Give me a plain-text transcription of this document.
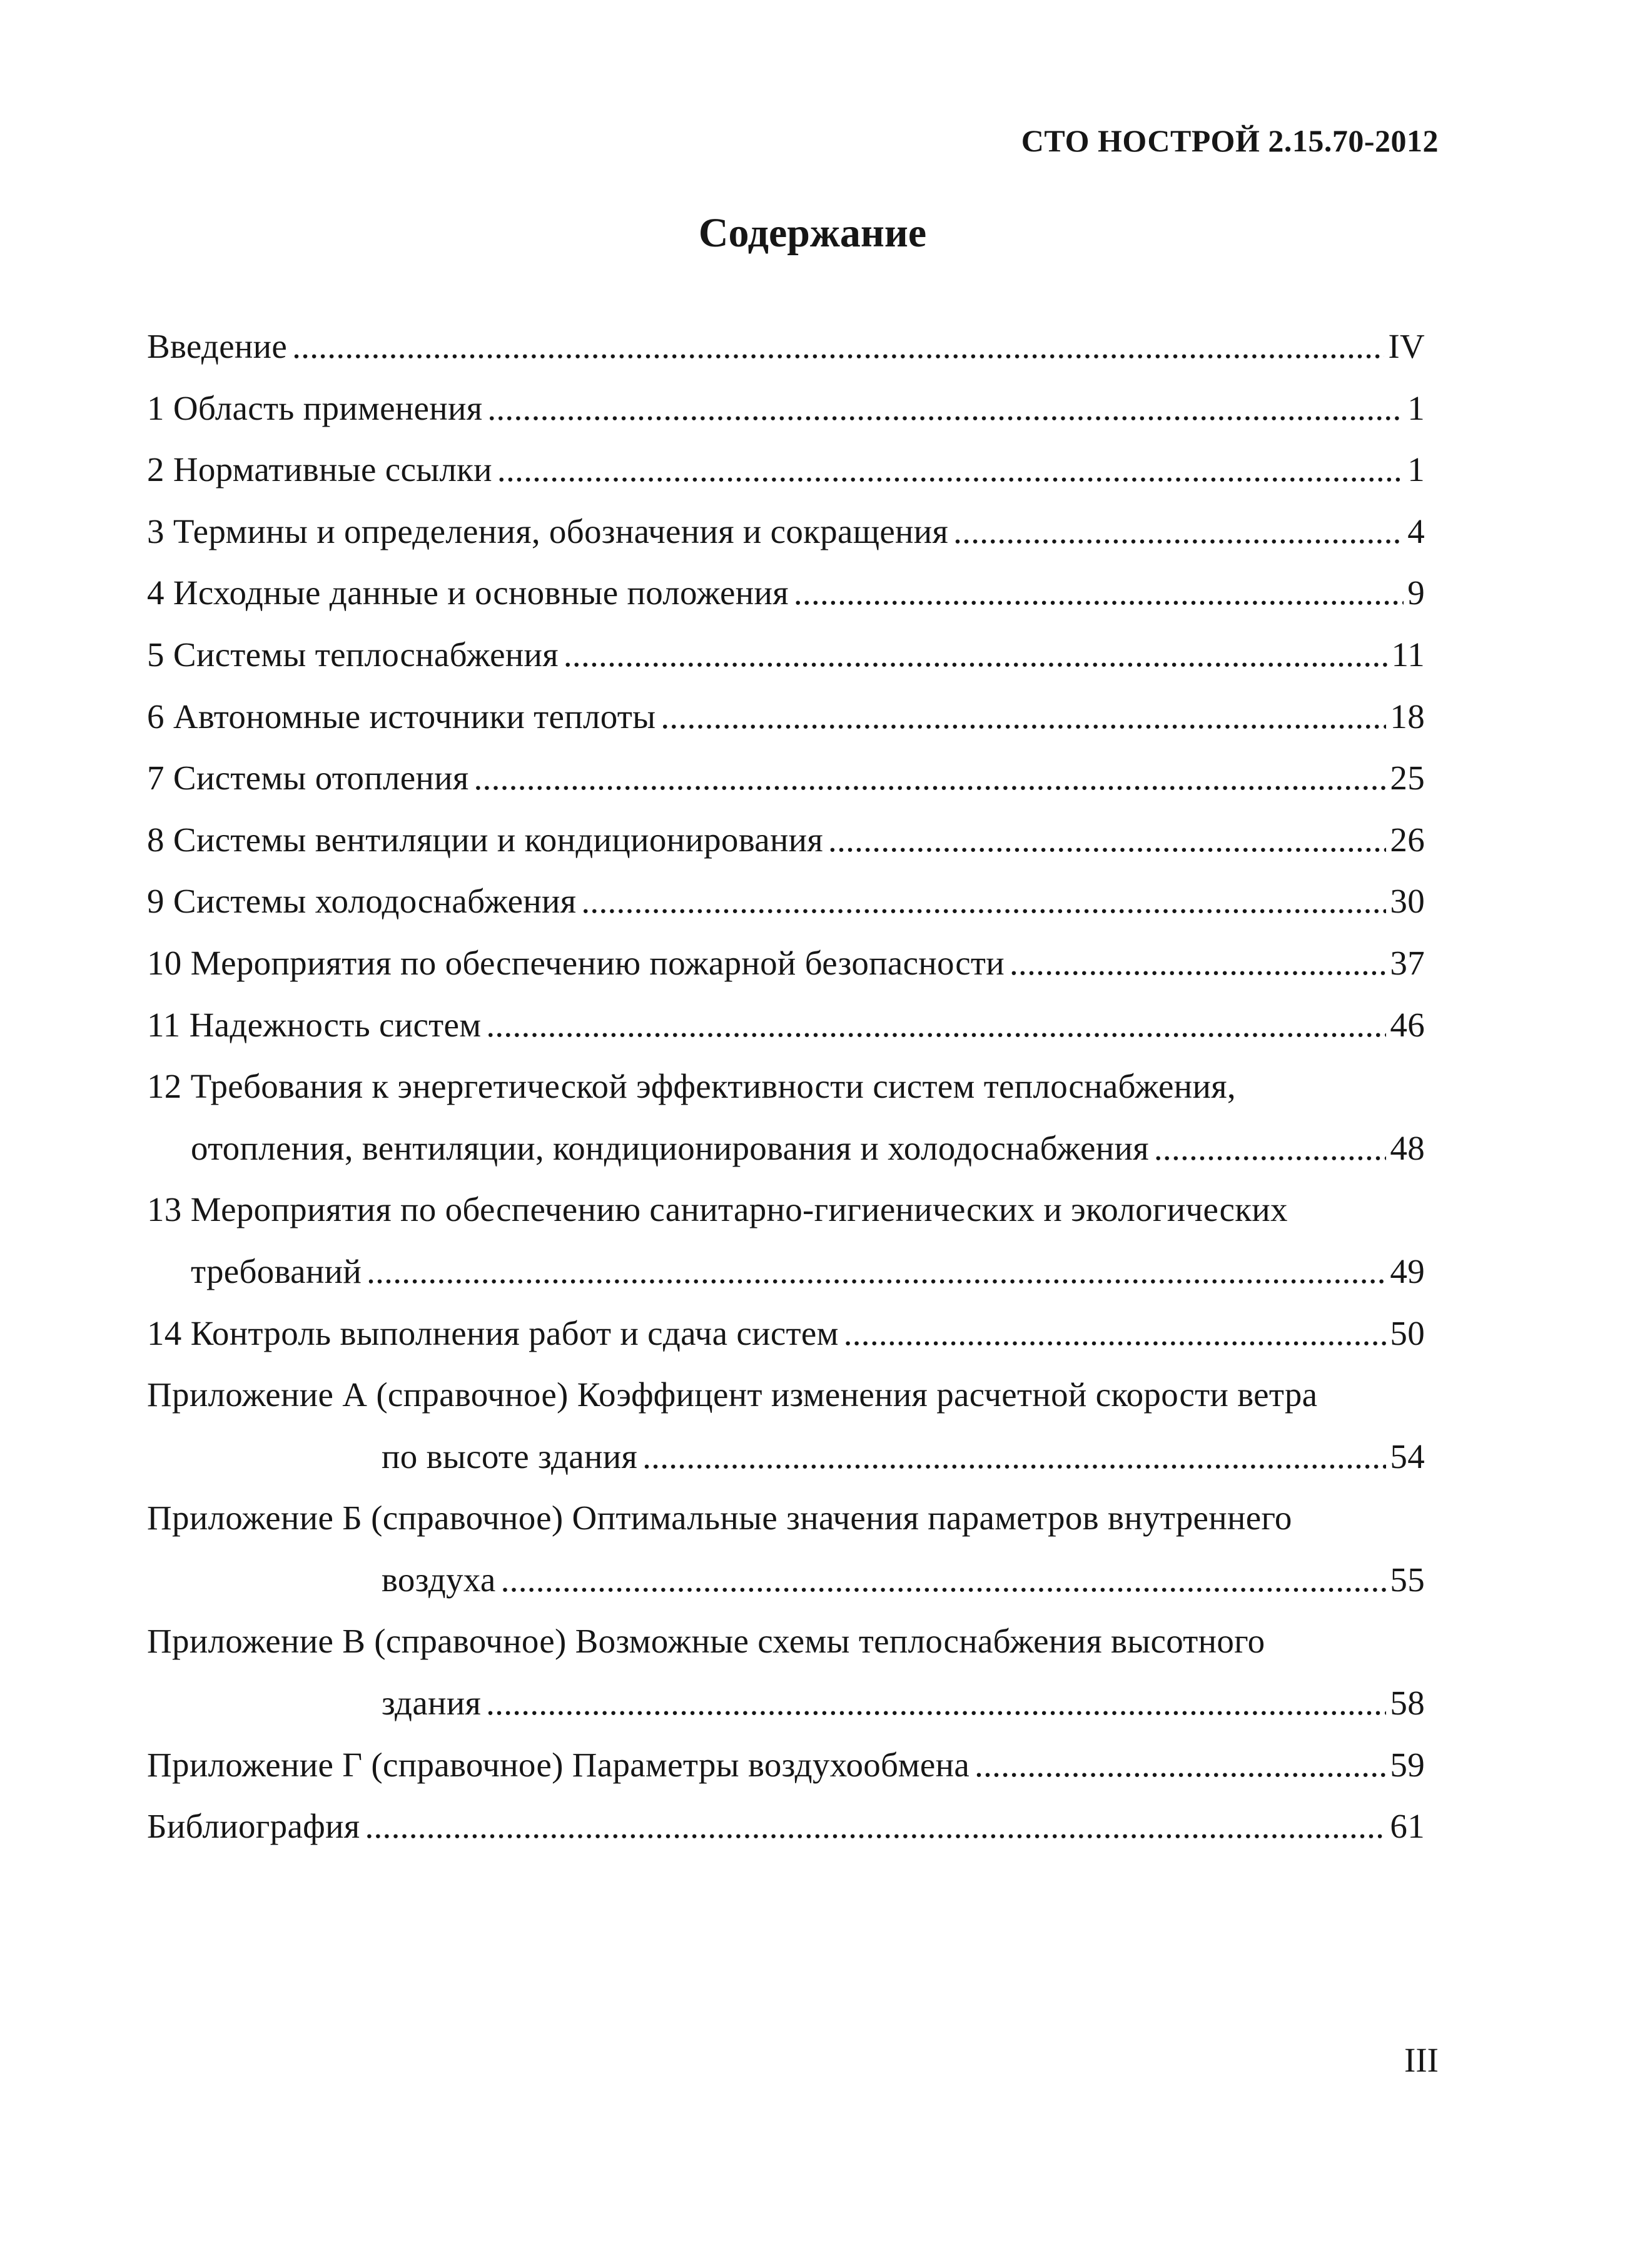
СТО НОСТРОЙ 2.15.70-2012
Содержание
Введение .....	IV
1 Область применения .....	1
2 Нормативные ссылки .....	1
3 Термины и определения, обозначения и сокращения .....	4
4 Исходные данные и основные положения .....	9
5 Системы теплоснабжения .....	11
6 Автономные источники теплоты .....	18
7 Системы отопления .....	25
8 Системы вентиляции и кондиционирования .....	26
9 Системы холодоснабжения .....	30
10 Мероприятия по обеспечению пожарной безопасности .....	37
11 Надежность систем .....	46
12 Требования к энергетической эффективности систем теплоснабжения,
отопления, вентиляции, кондиционирования и холодоснабжения .....	48
13 Мероприятия по обеспечению санитарно-гигиенических и экологических
требований .....	49
14 Контроль выполнения работ и сдача систем .....	50
Приложение А (справочное) Коэффицент изменения расчетной скорости ветра
по высоте здания .....	54
Приложение Б (справочное) Оптимальные значения параметров внутреннего
воздуха .....	55
Приложение В (справочное) Возможные схемы теплоснабжения высотного
здания .....	58
Приложение Г (справочное) Параметры воздухообмена .....	59
Библиография .....	61
III
